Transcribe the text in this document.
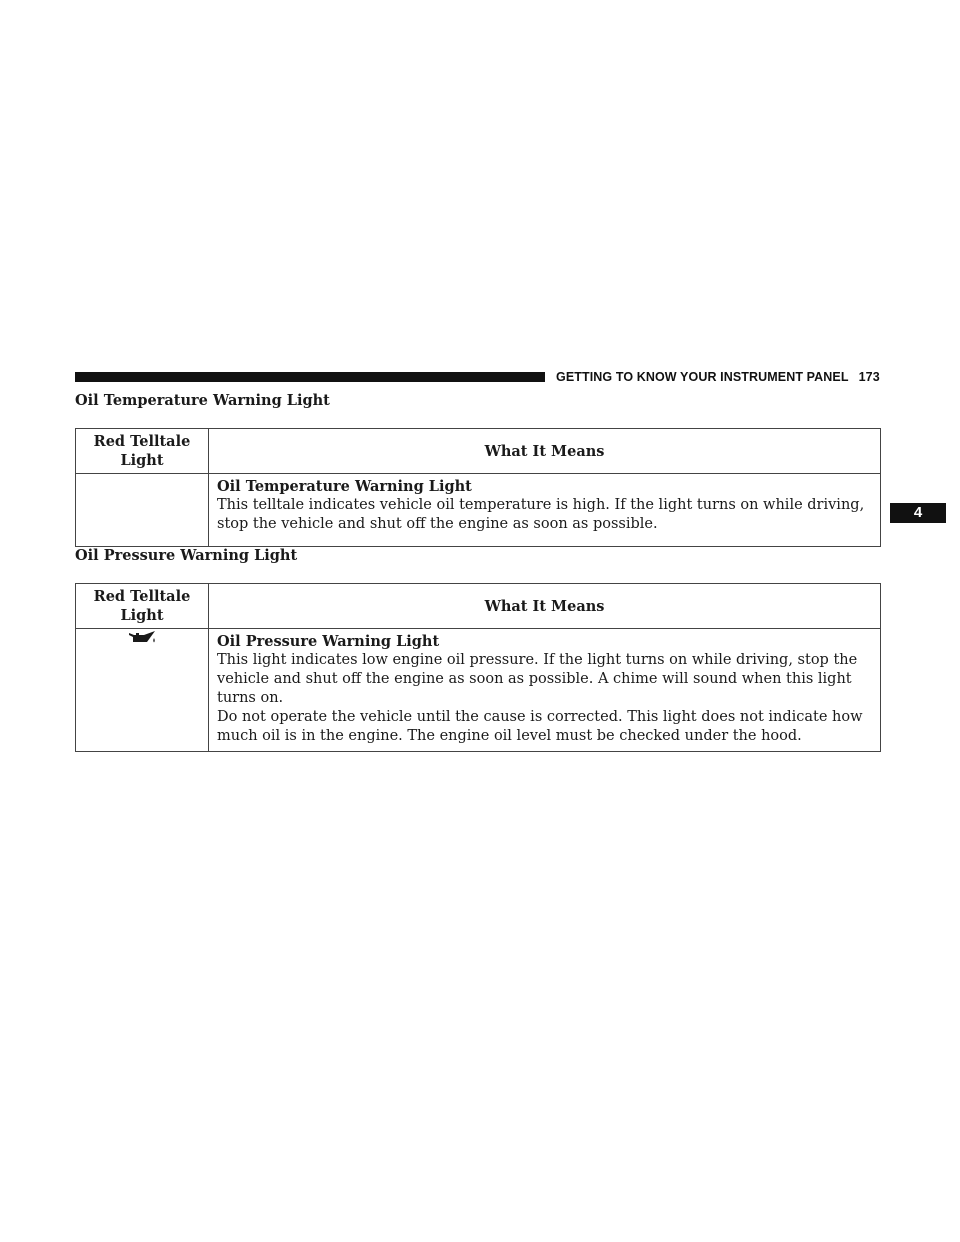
GETTING TO KNOW YOUR INSTRUMENT PANEL 173
4
Oil Temperature Warning Light
Red Telltale Light	What It Means

	Oil Temperature Warning Light
This telltale indicates vehicle oil temperature is high. If the light turns on while driving, stop the vehicle and shut off the engine as soon as possible.
Oil Pressure Warning Light
Red Telltale Light	What It Means

Oil Pressure Warning Light
This light indicates low engine oil pressure. If the light turns on while driving, stop the vehicle and shut off the engine as soon as possible. A chime will sound when this light turns on.
Do not operate the vehicle until the cause is corrected. This light does not indicate how much oil is in the engine. The engine oil level must be checked under the hood.
